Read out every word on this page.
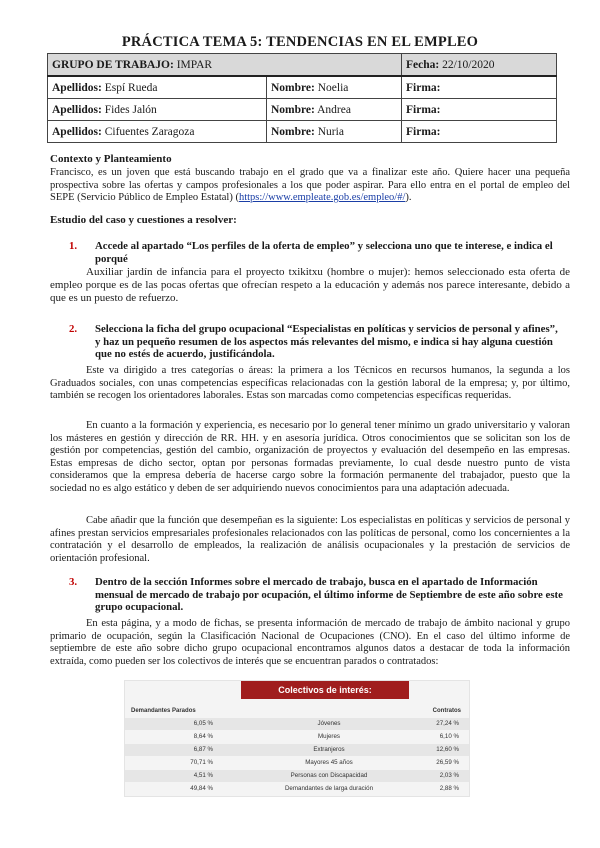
PRÁCTICA TEMA 5: TENDENCIAS EN EL EMPLEO
GRUPO DE TRABAJO: IMPAR		Fecha: 22/10/2020
Apellidos: Espí Rueda	Nombre: Noelia	Firma:
Apellidos: Fides Jalón	Nombre: Andrea	Firma:
Apellidos: Cifuentes Zaragoza	Nombre: Nuria	Firma:
Contexto y Planteamiento
Francisco, es un joven que está buscando trabajo en el grado que va a finalizar este año. Quiere hacer una pequeña prospectiva sobre las ofertas y campos profesionales a los que poder aspirar. Para ello entra en el portal de empleo del SEPE (Servicio Público de Empleo Estatal) (https://www.empleate.gob.es/empleo/#/).
Estudio del caso y cuestiones a resolver:
1. Accede al apartado “Los perfiles de la oferta de empleo” y selecciona uno que te interese, e indica el porqué
Auxiliar jardín de infancia para el proyecto txikitxu (hombre o mujer): hemos seleccionado esta oferta de empleo porque es de las pocas ofertas que ofrecían respeto a la educación y además nos parece interesante, debido a que es un puesto de refuerzo.
2. Selecciona la ficha del grupo ocupacional “Especialistas en políticas y servicios de personal y afines”, y haz un pequeño resumen de los aspectos más relevantes del mismo, e indica si hay alguna cuestión que no estés de acuerdo, justificándola.
Este va dirigido a tres categorías o áreas: la primera a los Técnicos en recursos humanos, la segunda a los Graduados sociales, con unas competencias específicas relacionadas con la gestión laboral de la empresa; y, por último, también se recogen los orientadores laborales. Estas son marcadas como competencias específicas requeridas.
En cuanto a la formación y experiencia, es necesario por lo general tener mínimo un grado universitario y valoran los másteres en gestión y dirección de RR. HH. y en asesoría jurídica. Otros conocimientos que se solicitan son los de gestión por competencias, gestión del cambio, organización de proyectos y evaluación del desempeño en las empresas. Estas empresas de dicho sector, optan por personas formadas previamente, lo cual desde nuestro punto de vista consideramos que la empresa debería de hacerse cargo sobre la formación permanente del trabajador, puesto que la sociedad no es algo estático y deben de ser adquiriendo nuevos conocimientos para una adaptación adecuada.
Cabe añadir que la función que desempeñan es la siguiente: Los especialistas en políticas y servicios de personal y afines prestan servicios empresariales profesionales relacionados con las políticas de personal, como los concernientes a la contratación y el desarrollo de empleados, la realización de análisis ocupacionales y la prestación de servicios de orientación profesional.
3. Dentro de la sección Informes sobre el mercado de trabajo, busca en el apartado de Información mensual de mercado de trabajo por ocupación, el último informe de Septiembre de este año sobre este grupo ocupacional.
En esta página, y a modo de fichas, se presenta información de mercado de trabajo de ámbito nacional y grupo primario de ocupación, según la Clasificación Nacional de Ocupaciones (CNO). En el caso del último informe de septiembre de este año sobre dicho grupo ocupacional encontramos algunos datos a destacar de toda la información extraída, como pueden ser los colectivos de interés que se encuentran parados o contratados:
Colectivos de interés:
Demandantes Parados	Contratos
6,05 %	Jóvenes	27,24 %
8,64 %	Mujeres	6,10 %
6,87 %	Extranjeros	12,60 %
70,71 %	Mayores 45 años	26,59 %
4,51 %	Personas con Discapacidad	2,03 %
49,84 %	Demandantes de larga duración	2,88 %
